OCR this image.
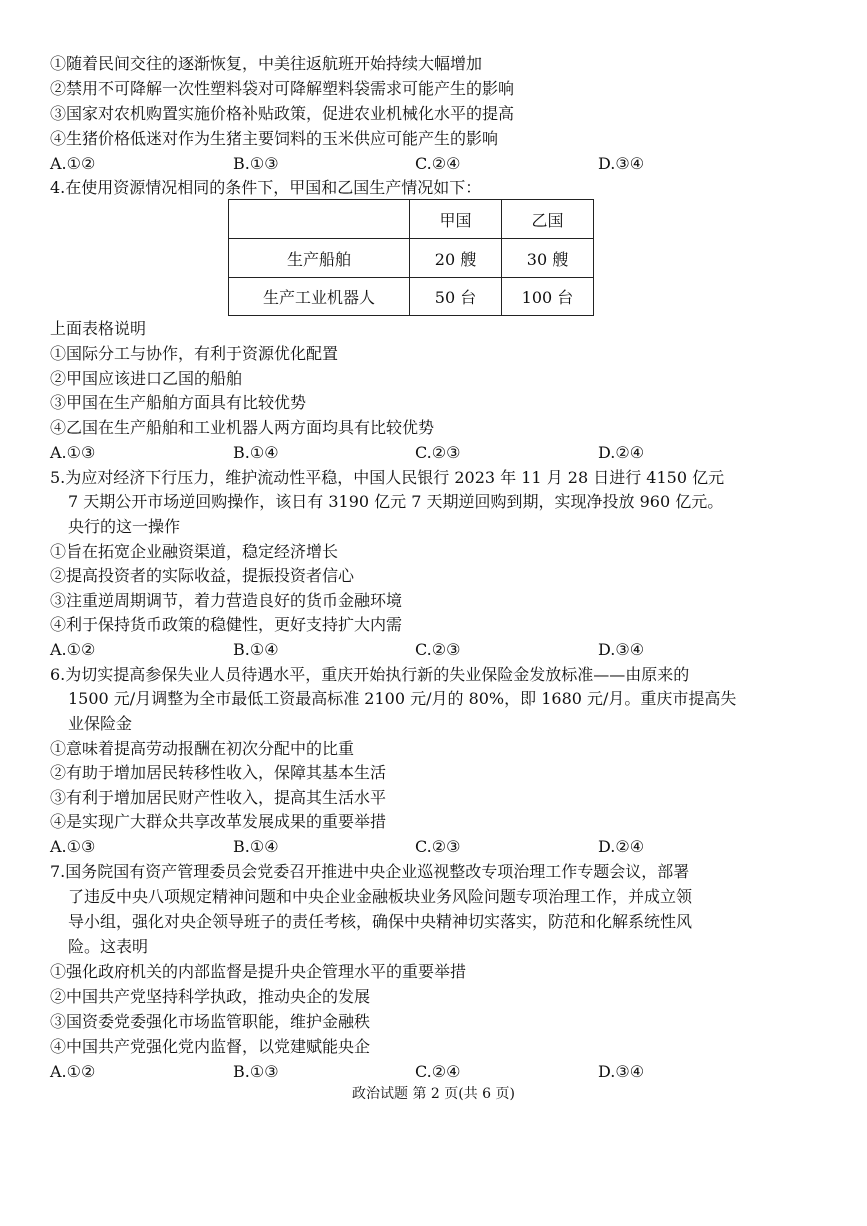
①随着民间交往的逐渐恢复，中美往返航班开始持续大幅增加
②禁用不可降解一次性塑料袋对可降解塑料袋需求可能产生的影响
③国家对农机购置实施价格补贴政策，促进农业机械化水平的提高
④生猪价格低迷对作为生猪主要饲料的玉米供应可能产生的影响
A.①②	B.①③	C.②④	D.③④
4.在使用资源情况相同的条件下，甲国和乙国生产情况如下：
	甲国	乙国
生产船舶	20 艘	30 艘
生产工业机器人	50 台	100 台
上面表格说明
①国际分工与协作，有利于资源优化配置
②甲国应该进口乙国的船舶
③甲国在生产船舶方面具有比较优势
④乙国在生产船舶和工业机器人两方面均具有比较优势
A.①③	B.①④	C.②③	D.②④
5.为应对经济下行压力，维护流动性平稳，中国人民银行 2023 年 11 月 28 日进行 4150 亿元
7 天期公开市场逆回购操作，该日有 3190 亿元 7 天期逆回购到期，实现净投放 960 亿元。
央行的这一操作
①旨在拓宽企业融资渠道，稳定经济增长
②提高投资者的实际收益，提振投资者信心
③注重逆周期调节，着力营造良好的货币金融环境
④利于保持货币政策的稳健性，更好支持扩大内需
A.①②	B.①④	C.②③	D.③④
6.为切实提高参保失业人员待遇水平，重庆开始执行新的失业保险金发放标准——由原来的
1500 元/月调整为全市最低工资最高标准 2100 元/月的 80%，即 1680 元/月。重庆市提高失
业保险金
①意味着提高劳动报酬在初次分配中的比重
②有助于增加居民转移性收入，保障其基本生活
③有利于增加居民财产性收入，提高其生活水平
④是实现广大群众共享改革发展成果的重要举措
A.①③	B.①④	C.②③	D.②④
7.国务院国有资产管理委员会党委召开推进中央企业巡视整改专项治理工作专题会议，部署
了违反中央八项规定精神问题和中央企业金融板块业务风险问题专项治理工作，并成立领
导小组，强化对央企领导班子的责任考核，确保中央精神切实落实，防范和化解系统性风
险。这表明
①强化政府机关的内部监督是提升央企管理水平的重要举措
②中国共产党坚持科学执政，推动央企的发展
③国资委党委强化市场监管职能，维护金融秩
④中国共产党强化党内监督，以党建赋能央企
A.①②	B.①③	C.②④	D.③④
政治试题 第 2 页(共 6 页)
